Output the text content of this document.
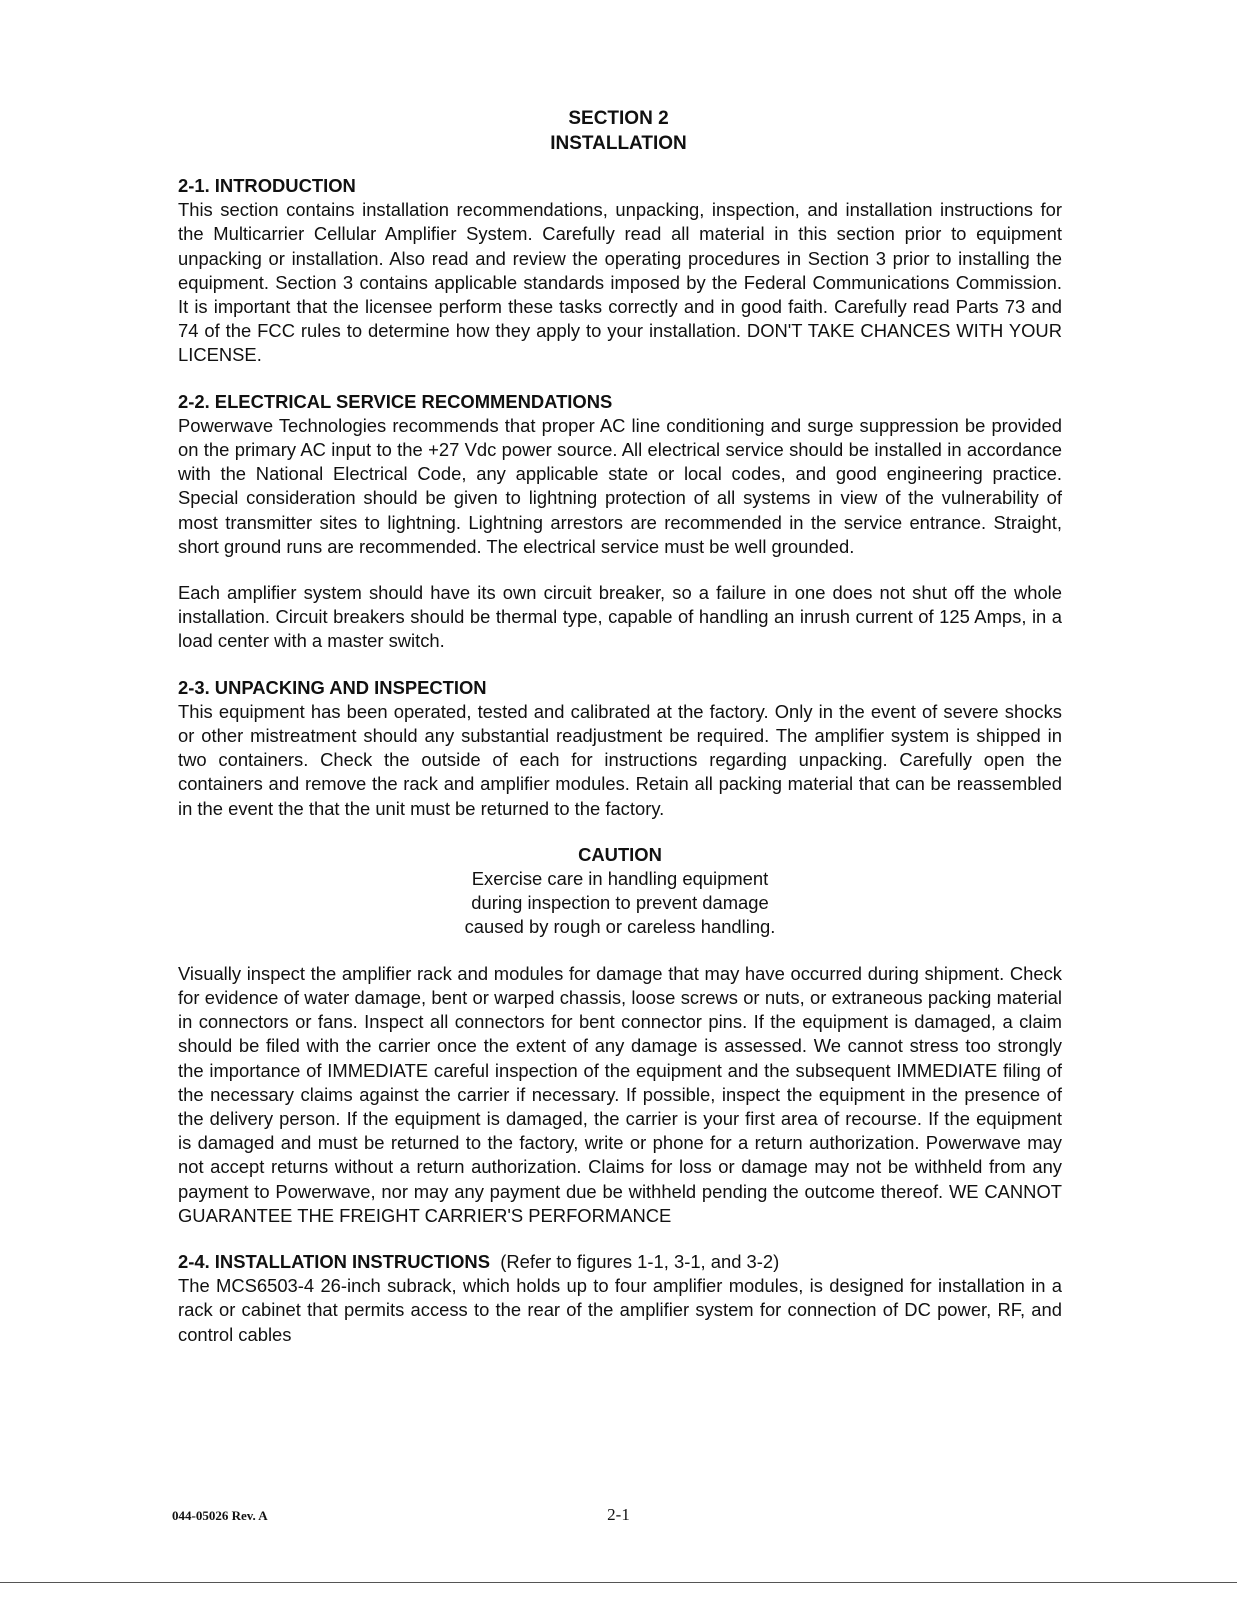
SECTION 2
INSTALLATION

2-1. INTRODUCTION

This section contains installation recommendations, unpacking, inspection, and installation instructions for the Multicarrier Cellular Amplifier System. Carefully read all material in this section prior to equipment unpacking or installation. Also read and review the operating procedures in Section 3 prior to installing the equipment. Section 3 contains applicable standards imposed by the Federal Communications Commission. It is important that the licensee perform these tasks correctly and in good faith. Carefully read Parts 73 and 74 of the FCC rules to determine how they apply to your installation. DON'T TAKE CHANCES WITH YOUR LICENSE.

2-2. ELECTRICAL SERVICE RECOMMENDATIONS

Powerwave Technologies recommends that proper AC line conditioning and surge suppression be provided on the primary AC input to the +27 Vdc power source. All electrical service should be installed in accordance with the National Electrical Code, any applicable state or local codes, and good engineering practice. Special consideration should be given to lightning protection of all systems in view of the vulnerability of most transmitter sites to lightning. Lightning arrestors are recommended in the service entrance. Straight, short ground runs are recommended. The electrical service must be well grounded.

Each amplifier system should have its own circuit breaker, so a failure in one does not shut off the whole installation. Circuit breakers should be thermal type, capable of handling an inrush current of 125 Amps, in a load center with a master switch.

2-3. UNPACKING AND INSPECTION

This equipment has been operated, tested and calibrated at the factory. Only in the event of severe shocks or other mistreatment should any substantial readjustment be required. The amplifier system is shipped in two containers. Check the outside of each for instructions regarding unpacking. Carefully open the containers and remove the rack and amplifier modules. Retain all packing material that can be reassembled in the event the that the unit must be returned to the factory.

CAUTION

Exercise care in handling equipment

during inspection to prevent damage

caused by rough or careless handling.

Visually inspect the amplifier rack and modules for damage that may have occurred during shipment. Check for evidence of water damage, bent or warped chassis, loose screws or nuts, or extraneous packing material in connectors or fans. Inspect all connectors for bent connector pins. If the equipment is damaged, a claim should be filed with the carrier once the extent of any damage is assessed. We cannot stress too strongly the importance of IMMEDIATE careful inspection of the equipment and the subsequent IMMEDIATE filing of the necessary claims against the carrier if necessary. If possible, inspect the equipment in the presence of the delivery person. If the equipment is damaged, the carrier is your first area of recourse. If the equipment is damaged and must be returned to the factory, write or phone for a return authorization. Powerwave may not accept returns without a return authorization. Claims for loss or damage may not be withheld from any payment to Powerwave, nor may any payment due be withheld pending the outcome thereof. WE CANNOT GUARANTEE THE FREIGHT CARRIER'S PERFORMANCE

2-4. INSTALLATION INSTRUCTIONS (Refer to figures 1-1, 3-1, and 3-2)

The MCS6503-4 26-inch subrack, which holds up to four amplifier modules, is designed for installation in a rack or cabinet that permits access to the rear of the amplifier system for connection of DC power, RF, and control cables

044-05026 Rev. A	2-1
